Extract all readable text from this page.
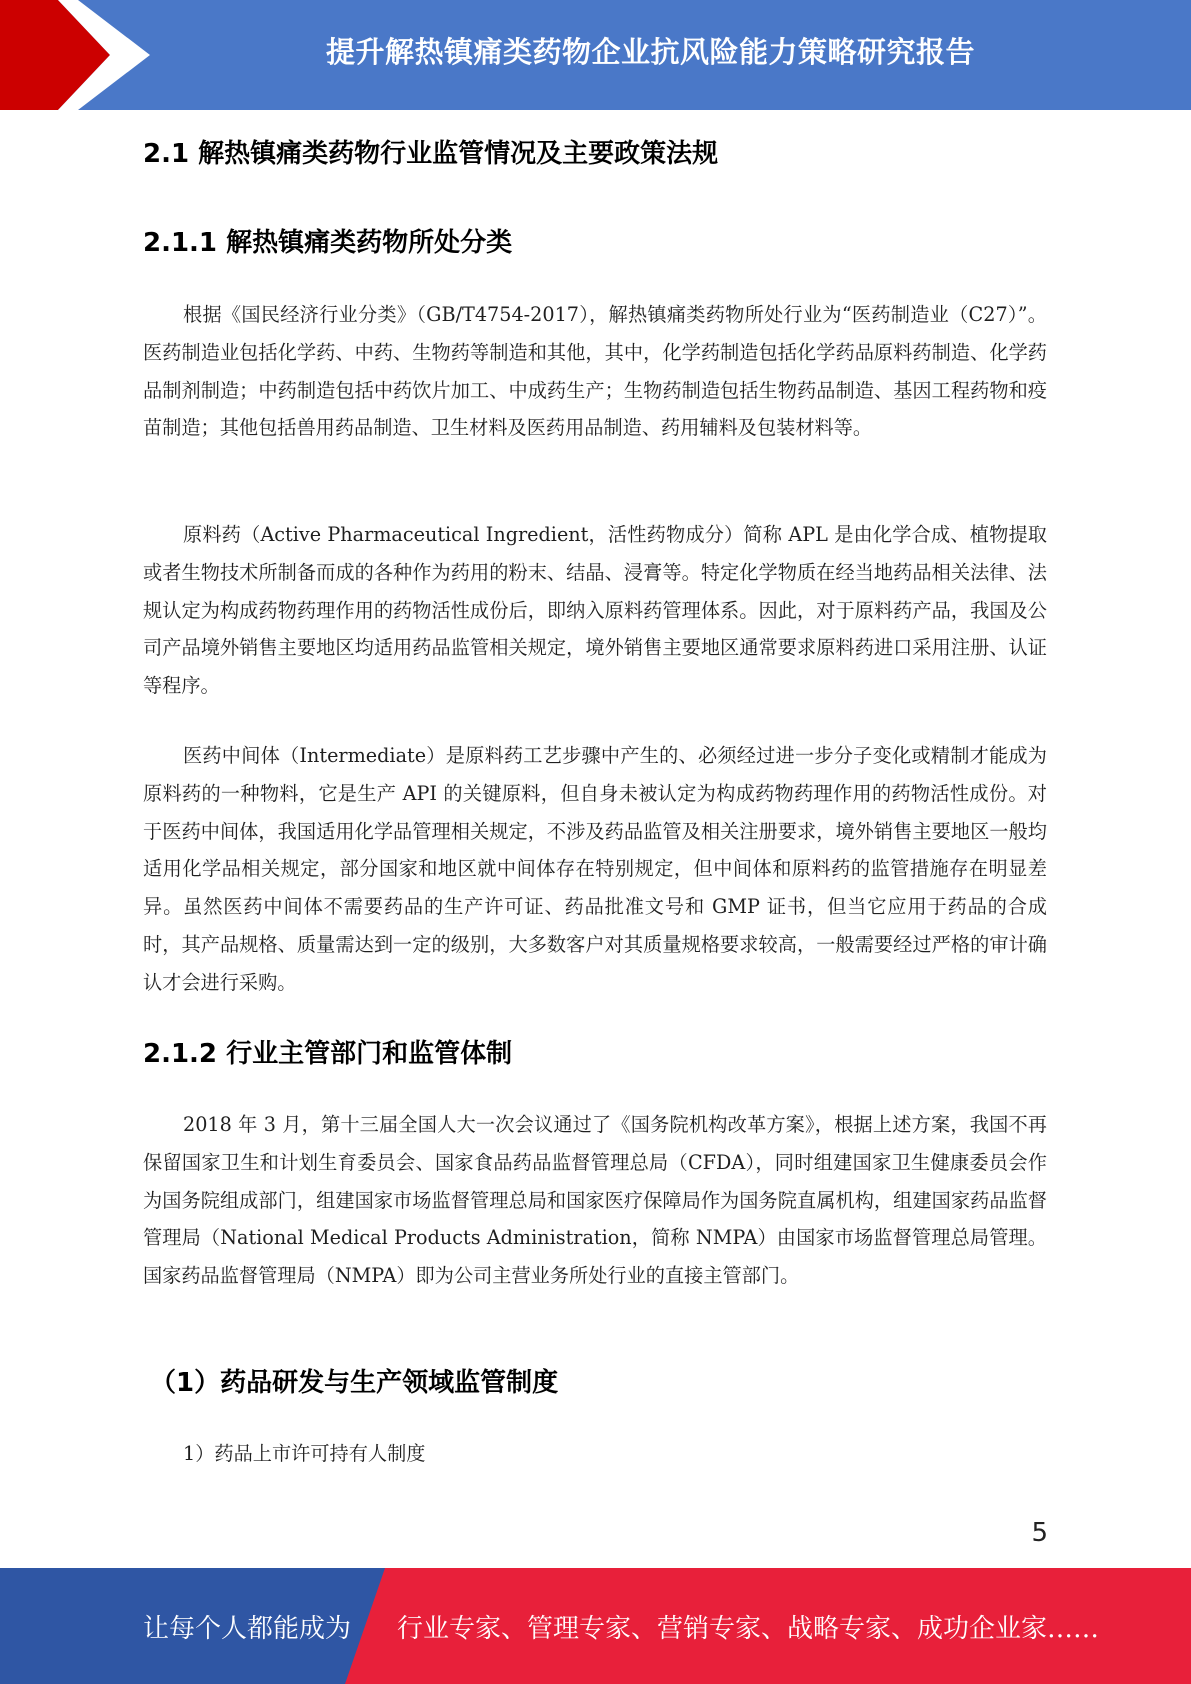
提升解热镇痛类药物企业抗风险能力策略研究报告
2.1 解热镇痛类药物行业监管情况及主要政策法规
2.1.1 解热镇痛类药物所处分类

根据《国民经济行业分类》（GB/T4754-2017），解热镇痛类药物所处行业为“医药制造业（C27）”。医药制造业包括化学药、中药、生物药等制造和其他，其中，化学药制造包括化学药品原料药制造、化学药品制剂制造；中药制造包括中药饮片加工、中成药生产；生物药制造包括生物药品制造、基因工程药物和疫苗制造；其他包括兽用药品制造、卫生材料及医药用品制造、药用辅料及包装材料等。

原料药（Active Pharmaceutical Ingredient，活性药物成分）简称 APL 是由化学合成、植物提取或者生物技术所制备而成的各种作为药用的粉末、结晶、浸膏等。特定化学物质在经当地药品相关法律、法规认定为构成药物药理作用的药物活性成份后，即纳入原料药管理体系。因此，对于原料药产品，我国及公司产品境外销售主要地区均适用药品监管相关规定，境外销售主要地区通常要求原料药进口采用注册、认证等程序。

医药中间体（Intermediate）是原料药工艺步骤中产生的、必须经过进一步分子变化或精制才能成为原料药的一种物料，它是生产 API 的关键原料，但自身未被认定为构成药物药理作用的药物活性成份。对于医药中间体，我国适用化学品管理相关规定，不涉及药品监管及相关注册要求，境外销售主要地区一般均适用化学品相关规定，部分国家和地区就中间体存在特别规定，但中间体和原料药的监管措施存在明显差异。虽然医药中间体不需要药品的生产许可证、药品批准文号和 GMP 证书，但当它应用于药品的合成时，其产品规格、质量需达到一定的级别，大多数客户对其质量规格要求较高，一般需要经过严格的审计确认才会进行采购。

2.1.2 行业主管部门和监管体制

2018 年 3 月，第十三届全国人大一次会议通过了《国务院机构改革方案》，根据上述方案，我国不再保留国家卫生和计划生育委员会、国家食品药品监督管理总局（CFDA），同时组建国家卫生健康委员会作为国务院组成部门，组建国家市场监督管理总局和国家医疗保障局作为国务院直属机构，组建国家药品监督管理局（National Medical Products Administration，简称 NMPA）由国家市场监督管理总局管理。国家药品监督管理局（NMPA）即为公司主营业务所处行业的直接主管部门。

（1）药品研发与生产领域监管制度
1）药品上市许可持有人制度
5
让每个人都能成为 行业专家、管理专家、营销专家、战略专家、成功企业家……
